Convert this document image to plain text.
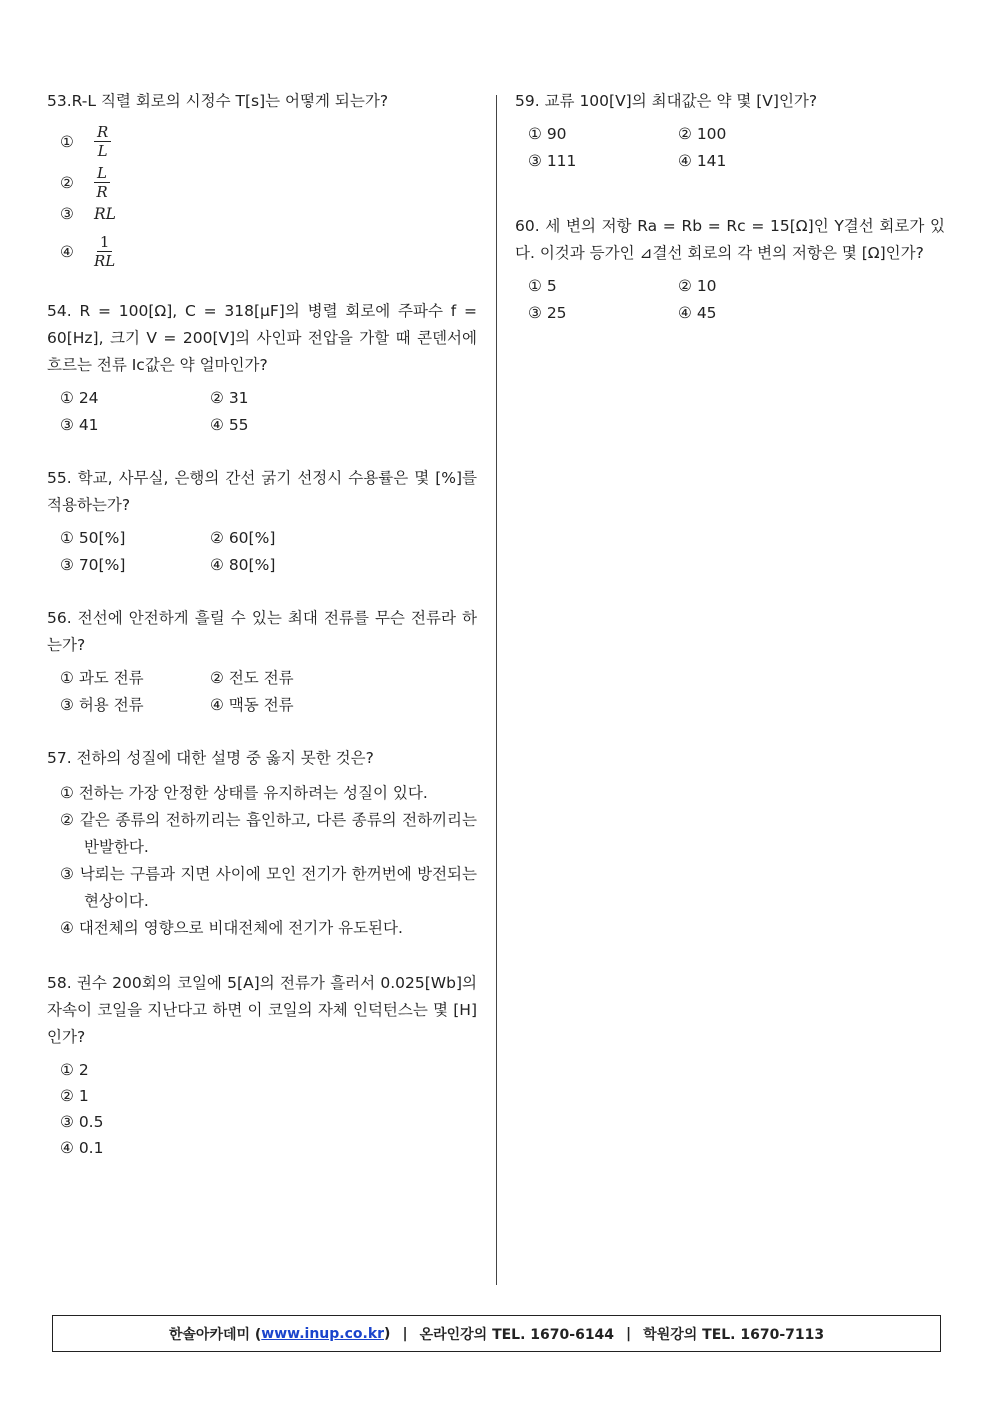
53.R-L 직렬 회로의 시정수 T[s]는 어떻게 되는가?
①	$\frac{R}{L}$
②	$\frac{L}{R}$
③	RL
④	$\frac{1}{RL}$
54. R = 100[Ω], C = 318[μF]의 병렬 회로에 주파수 f = 60[Hz], 크기 V = 200[V]의 사인파 전압을 가할 때 콘덴서에 흐르는 전류 Ic값은 약 얼마인가?
① 24	② 31
③ 41	④ 55
55. 학교, 사무실, 은행의 간선 굵기 선정시 수용률은 몇 [%]를 적용하는가?
① 50[%]	② 60[%]
③ 70[%]	④ 80[%]
56. 전선에 안전하게 흘릴 수 있는 최대 전류를 무슨 전류라 하는가?
① 과도 전류	② 전도 전류
③ 허용 전류	④ 맥동 전류
57. 전하의 성질에 대한 설명 중 옳지 못한 것은?
① 전하는 가장 안정한 상태를 유지하려는 성질이 있다.
② 같은 종류의 전하끼리는 흡인하고, 다른 종류의 전하끼리는 반발한다.
③ 낙뢰는 구름과 지면 사이에 모인 전기가 한꺼번에 방전되는 현상이다.
④ 대전체의 영향으로 비대전체에 전기가 유도된다.
58. 권수 200회의 코일에 5[A]의 전류가 흘러서 0.025[Wb]의 자속이 코일을 지난다고 하면 이 코일의 자체 인덕턴스는 몇 [H]인가?
① 2
② 1
③ 0.5
④ 0.1
59. 교류 100[V]의 최대값은 약 몇 [V]인가?
① 90	② 100
③ 111	④ 141
60. 세 변의 저항 Ra = Rb = Rc = 15[Ω]인 Y결선 회로가 있다. 이것과 등가인 ⊿결선 회로의 각 변의 저항은 몇 [Ω]인가?
① 5	② 10
③ 25	④ 45
한솔아카데미 ( www.inup.co.kr ) | 온라인강의 TEL. 1670-6144 | 학원강의 TEL. 1670-7113
